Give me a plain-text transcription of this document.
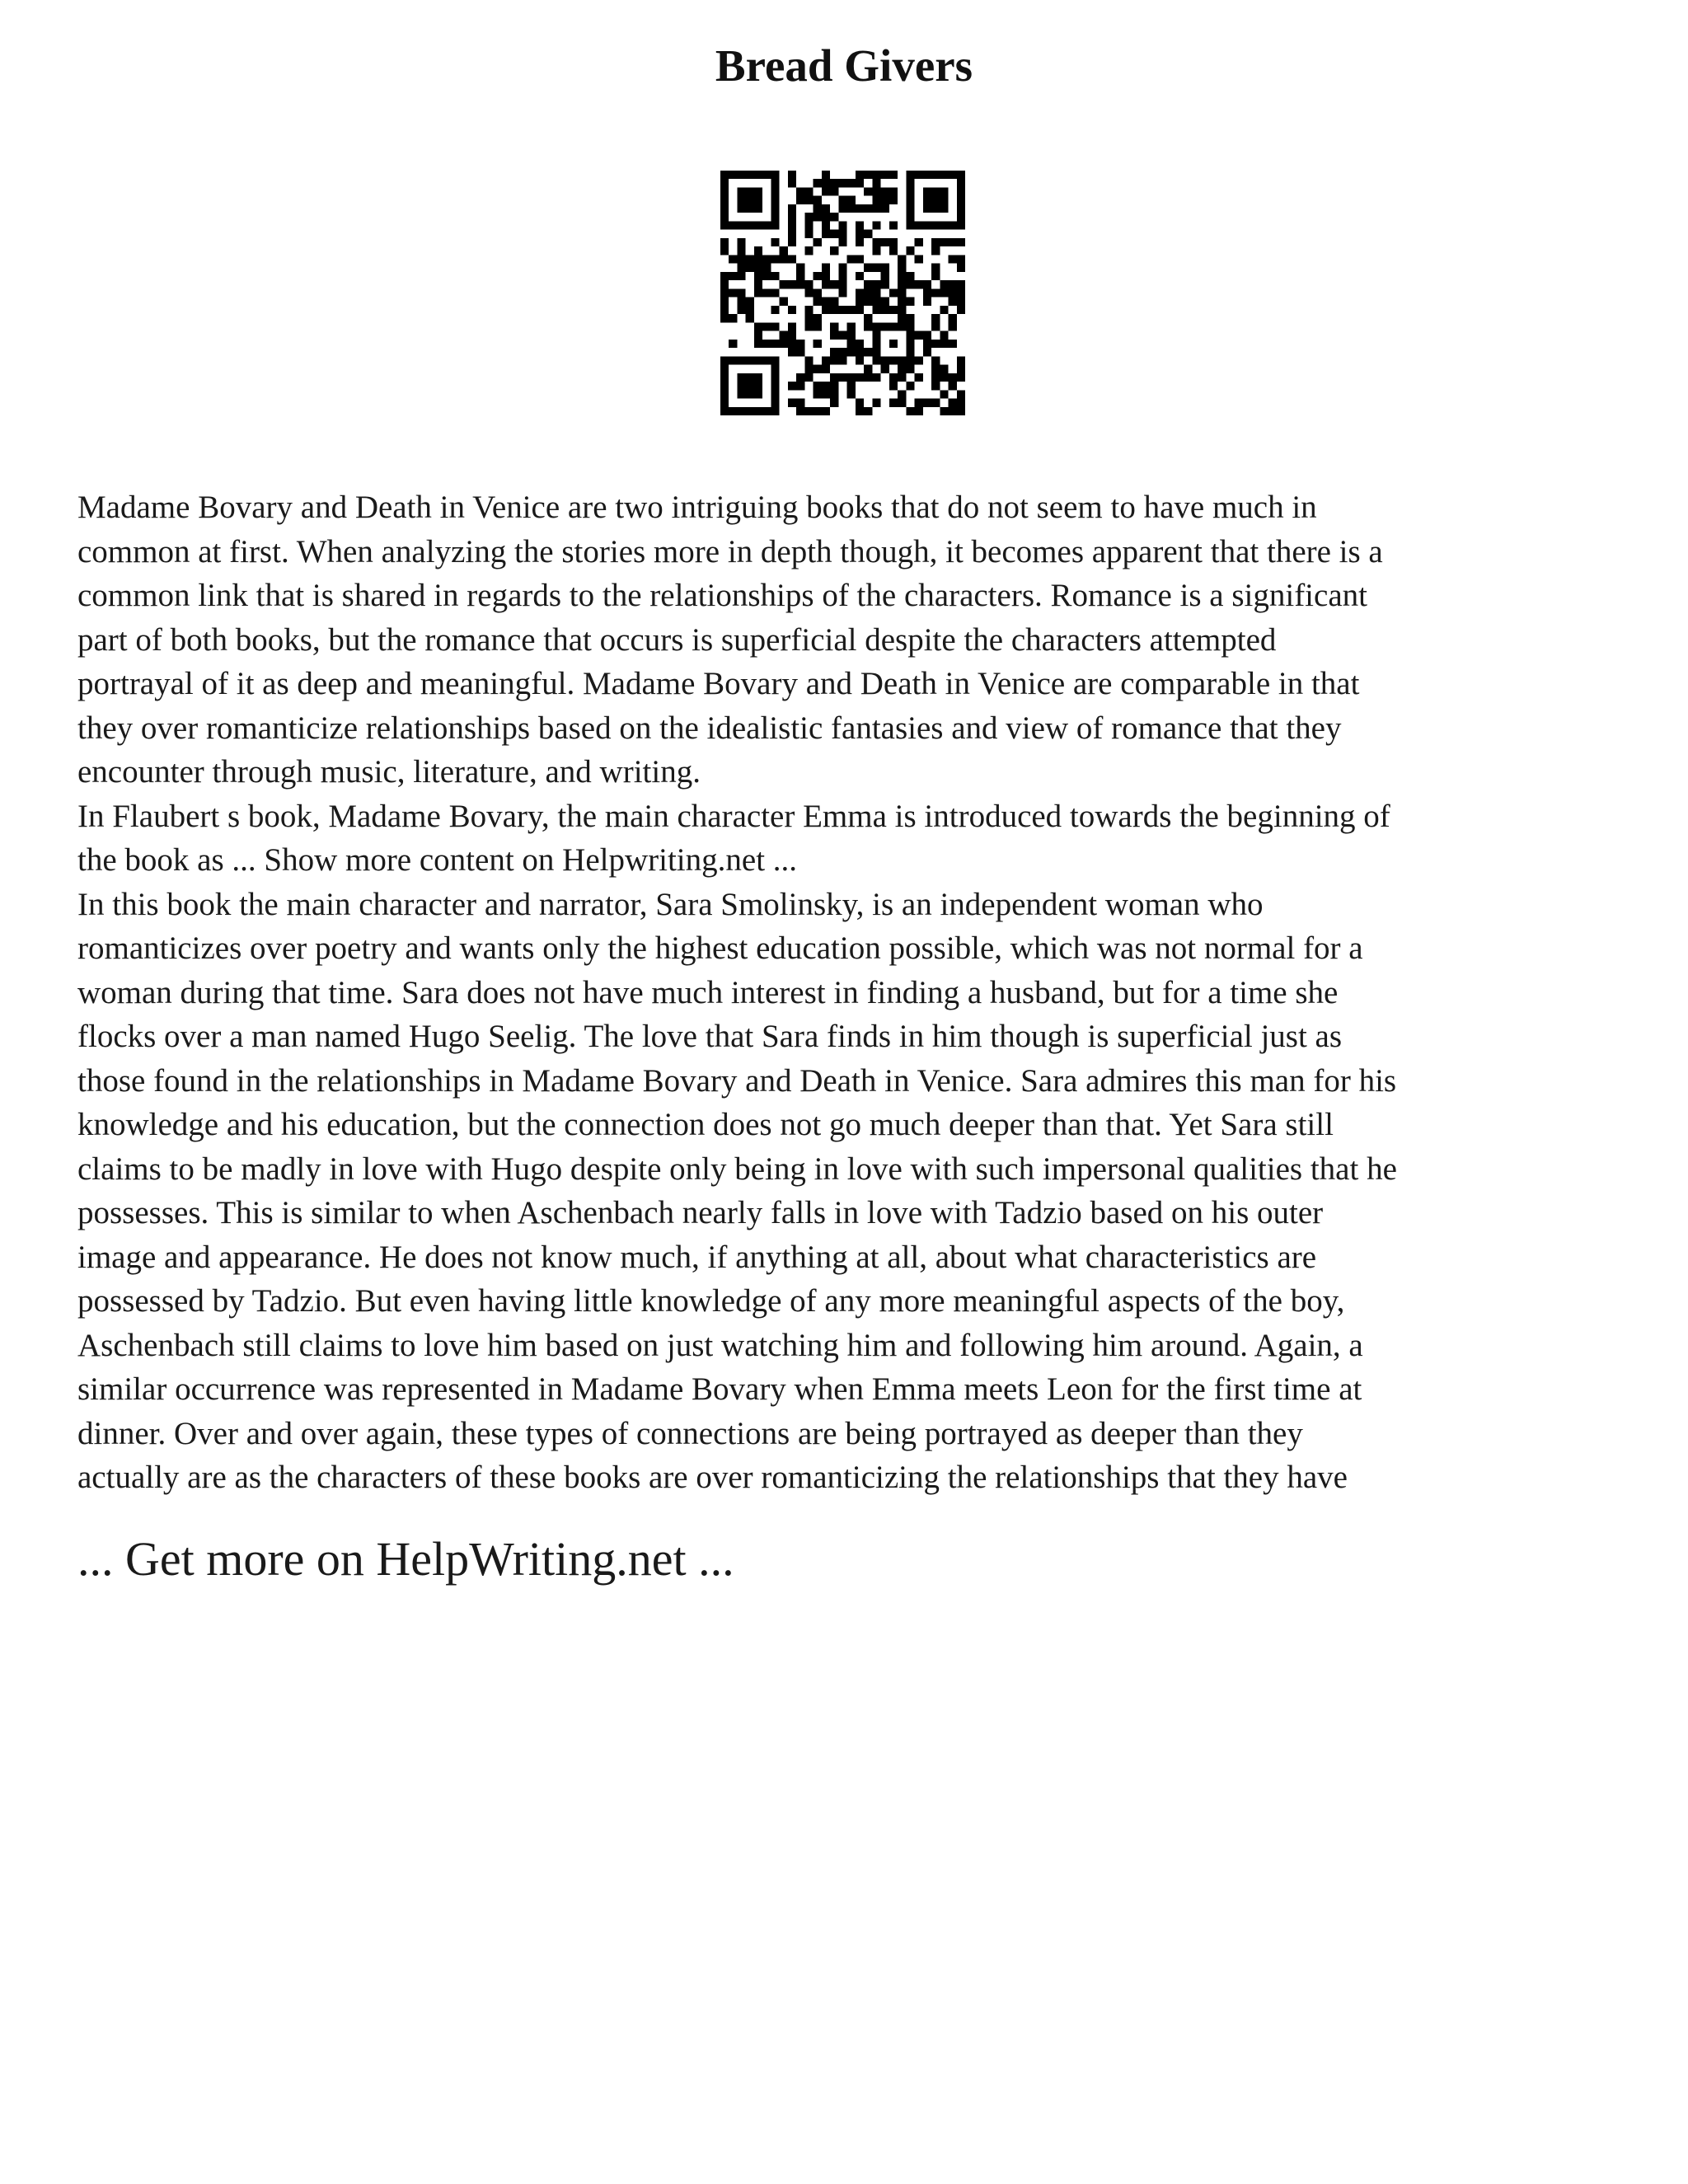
Bread Givers

Madame Bovary and Death in Venice are two intriguing books that do not seem to have much in
common at first. When analyzing the stories more in depth though, it becomes apparent that there is a
common link that is shared in regards to the relationships of the characters. Romance is a significant
part of both books, but the romance that occurs is superficial despite the characters attempted
portrayal of it as deep and meaningful. Madame Bovary and Death in Venice are comparable in that
they over romanticize relationships based on the idealistic fantasies and view of romance that they
encounter through music, literature, and writing.

In Flaubert s book, Madame Bovary, the main character Emma is introduced towards the beginning of
the book as ... Show more content on Helpwriting.net ...

In this book the main character and narrator, Sara Smolinsky, is an independent woman who
romanticizes over poetry and wants only the highest education possible, which was not normal for a
woman during that time. Sara does not have much interest in finding a husband, but for a time she
flocks over a man named Hugo Seelig. The love that Sara finds in him though is superficial just as
those found in the relationships in Madame Bovary and Death in Venice. Sara admires this man for his
knowledge and his education, but the connection does not go much deeper than that. Yet Sara still
claims to be madly in love with Hugo despite only being in love with such impersonal qualities that he
possesses. This is similar to when Aschenbach nearly falls in love with Tadzio based on his outer
image and appearance. He does not know much, if anything at all, about what characteristics are
possessed by Tadzio. But even having little knowledge of any more meaningful aspects of the boy,
Aschenbach still claims to love him based on just watching him and following him around. Again, a
similar occurrence was represented in Madame Bovary when Emma meets Leon for the first time at
dinner. Over and over again, these types of connections are being portrayed as deeper than they
actually are as the characters of these books are over romanticizing the relationships that they have

... Get more on HelpWriting.net ...
